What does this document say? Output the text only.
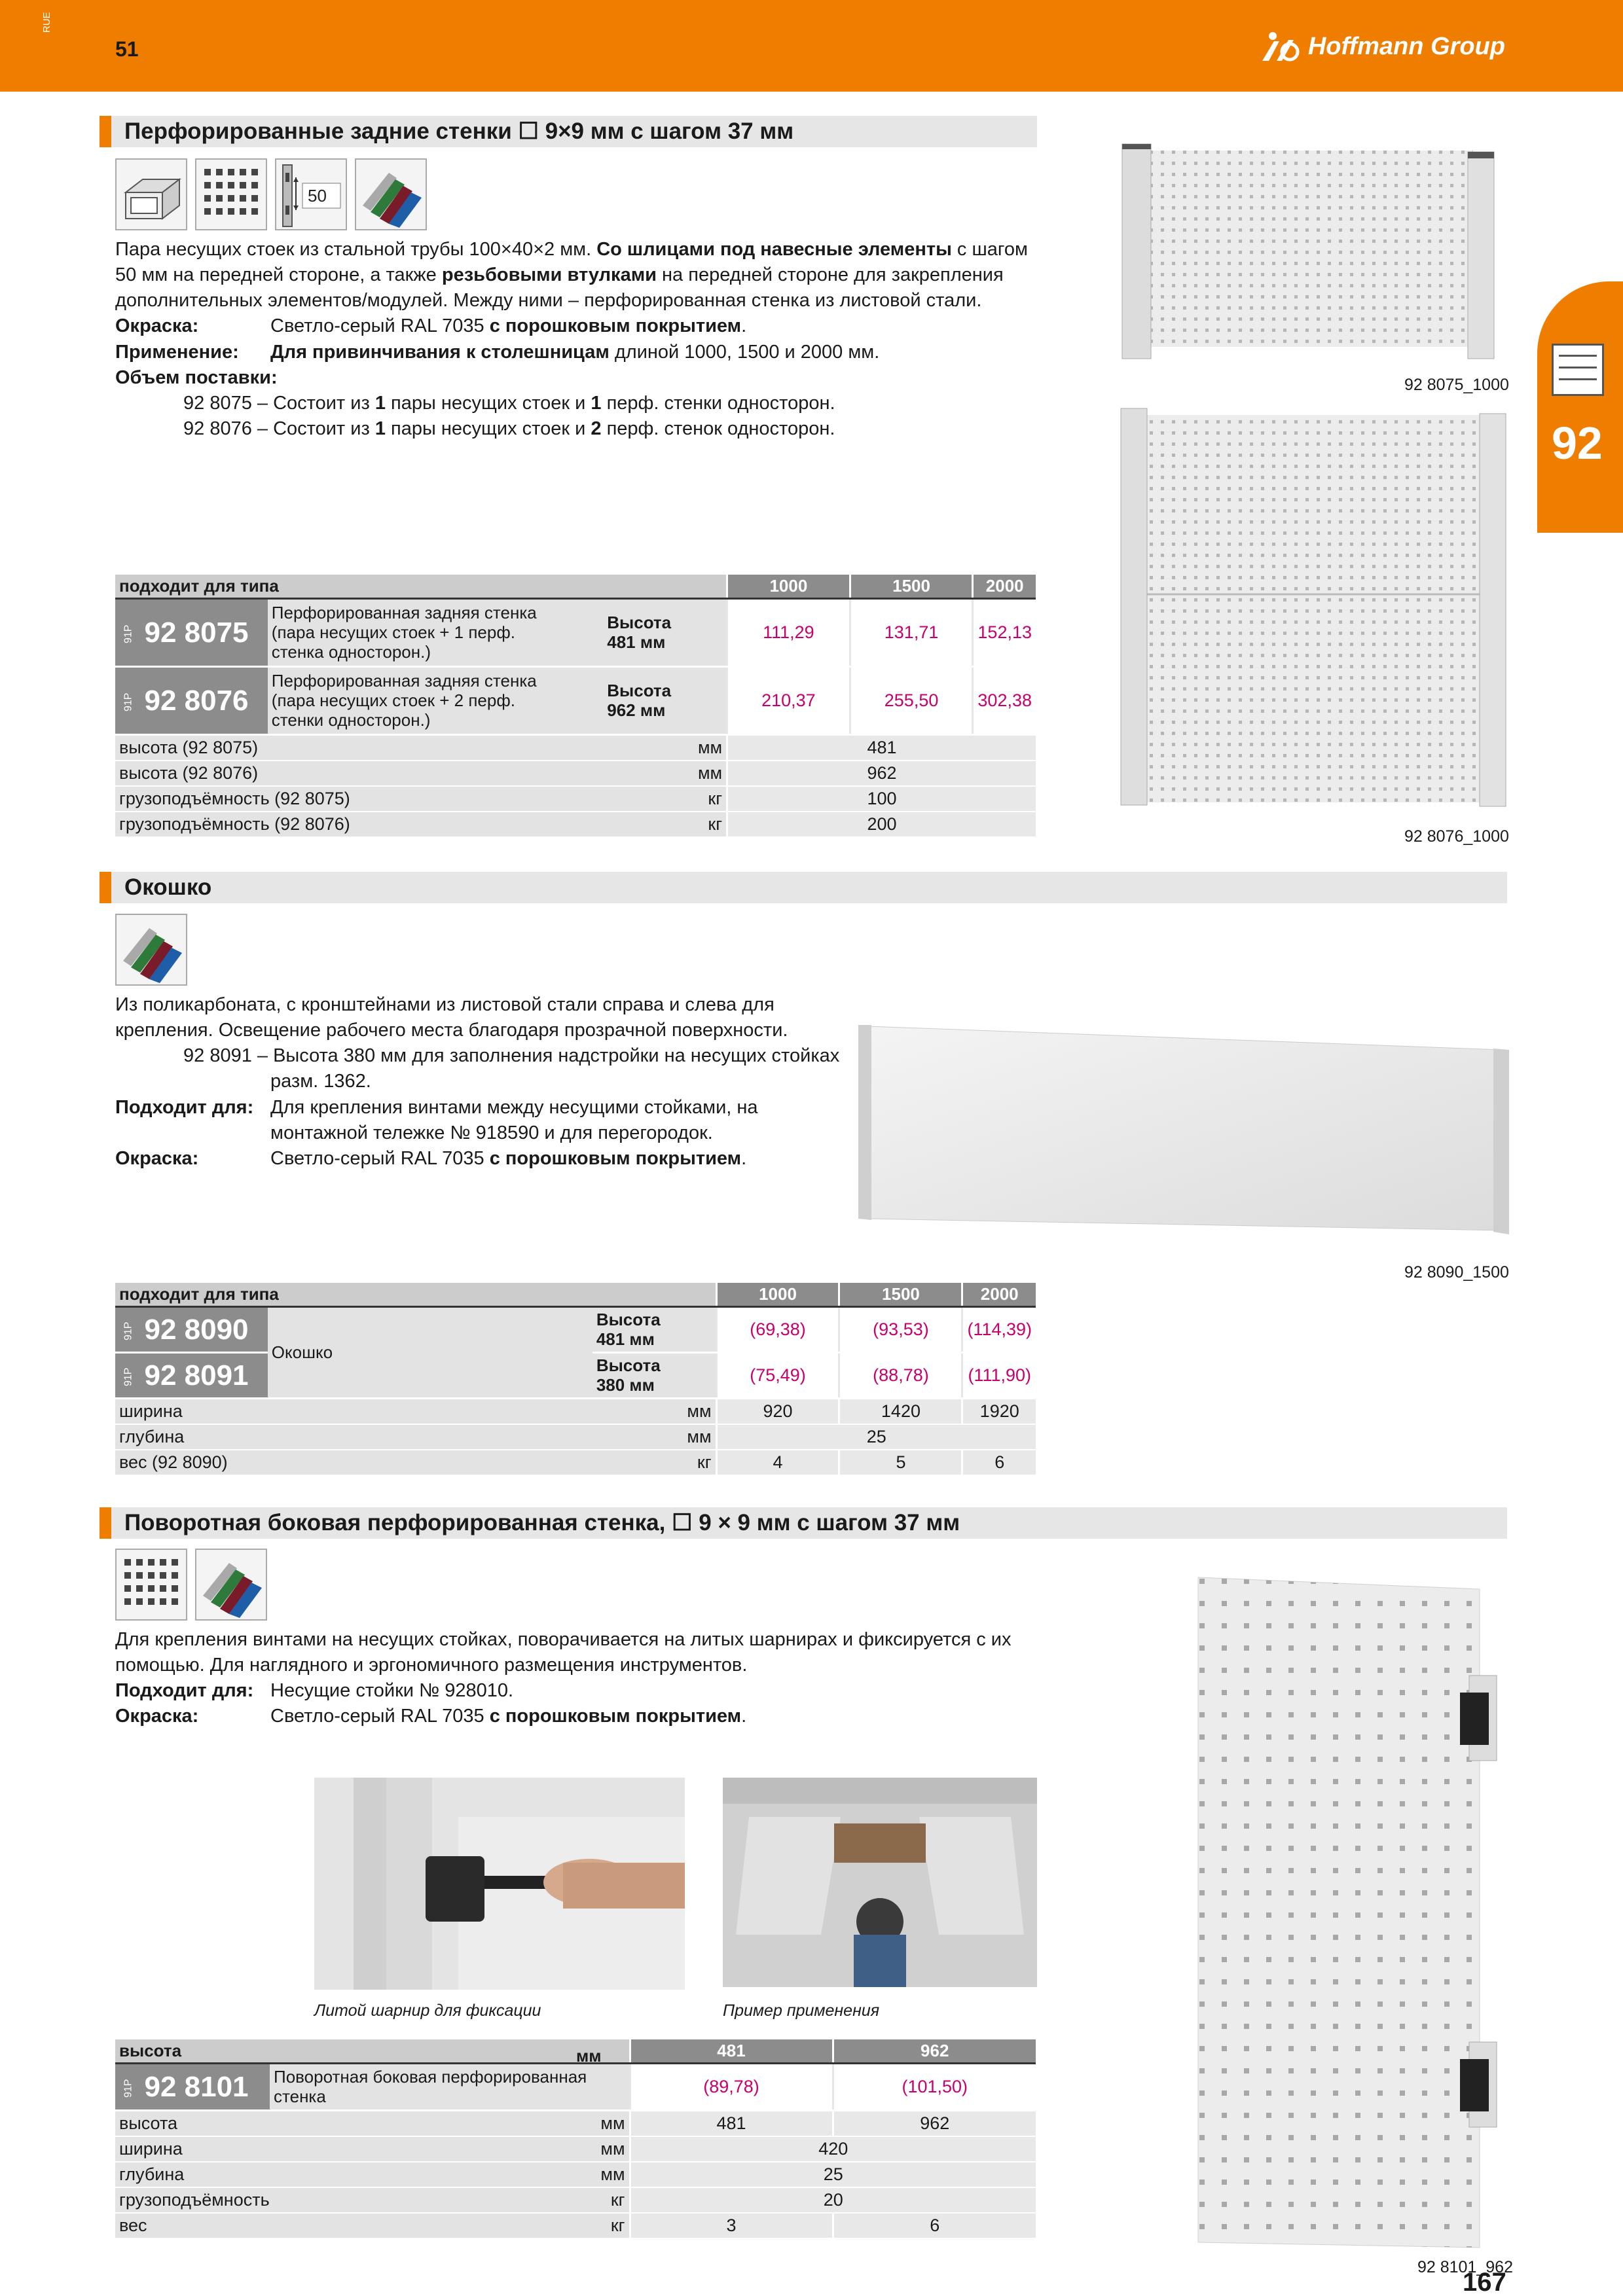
RUE
51	Hoffmann Group
92
Перфорированные задние стенки ☐ 9×9 мм с шагом 37 мм
50
Пара несущих стоек из стальной трубы 100×40×2 мм. Со шлицами под навесные элементы с шагом
50 мм на передней стороне, а также резьбовыми втулками на передней стороне для закрепления
дополнительных элементов/модулей. Между ними – перфорированная стенка из листовой стали.
Окраска:	Светло-серый RAL 7035 с порошковым покрытием.
Применение:	Для привинчивания к столешницам длиной 1000, 1500 и 2000 мм.
Объем поставки:
92 8075 – Состоит из 1 пары несущих стоек и 1 перф. стенки односторон.
92 8076 – Состоит из 1 пары несущих стоек и 2 перф. стенок односторон.
92 8075_1000
92 8076_1000
подходит для типа			1000	1500	2000
91P 92 8075	Перфорированная задняя стенка
(пара несущих стоек + 1 перф.
стенка односторон.)	Высота
481 мм	111,29	131,71	152,13
91P 92 8076	Перфорированная задняя стенка
(пара несущих стоек + 2 перф.
стенки односторон.)	Высота
962 мм	210,37	255,50	302,38
высота (92 8075)		мм	481		
высота (92 8076)		мм	962		
грузоподъёмность (92 8075)		кг	100		
грузоподъёмность (92 8076)		кг	200		
Окошко
Из поликарбоната, с кронштейнами из листовой стали справа и слева для
крепления. Освещение рабочего места благодаря прозрачной поверхности.
92 8091 – Высота 380 мм для заполнения надстройки на несущих стойках
разм. 1362.
Подходит для: Для крепления винтами между несущими стойками, на
монтажной тележке № 918590 и для перегородок.
Окраска:	Светло-серый RAL 7035 с порошковым покрытием.
92 8090_1500
подходит для типа			1000	1500	2000
91P 92 8090	Окошко	Высота
481 мм	(69,38)	(93,53)	(114,39)
91P 92 8091		Высота
380 мм	(75,49)	(88,78)	(111,90)
ширина		мм	920	1420	1920
глубина		мм	25		
вес (92 8090)		кг	4	5	6
Поворотная боковая перфорированная стенка, ☐ 9 × 9 мм с шагом 37 мм
Для крепления винтами на несущих стойках, поворачивается на литых шарнирах и фиксируется с их
помощью. Для наглядного и эргономичного размещения инструментов.
Подходит для: Несущие стойки № 928010.
Окраска:	Светло-серый RAL 7035 с порошковым покрытием.
Литой шарнир для фиксации	Пример применения
92 8101_962
высота			481	962
91P 92 8101	Поворотная боковая перфорированная стенка		(89,78)	(101,50)
высота		мм	481	962
ширина		мм	420	
глубина		мм	25	
грузоподъёмность		кг	20	
вес		кг	3	6
мм
167
